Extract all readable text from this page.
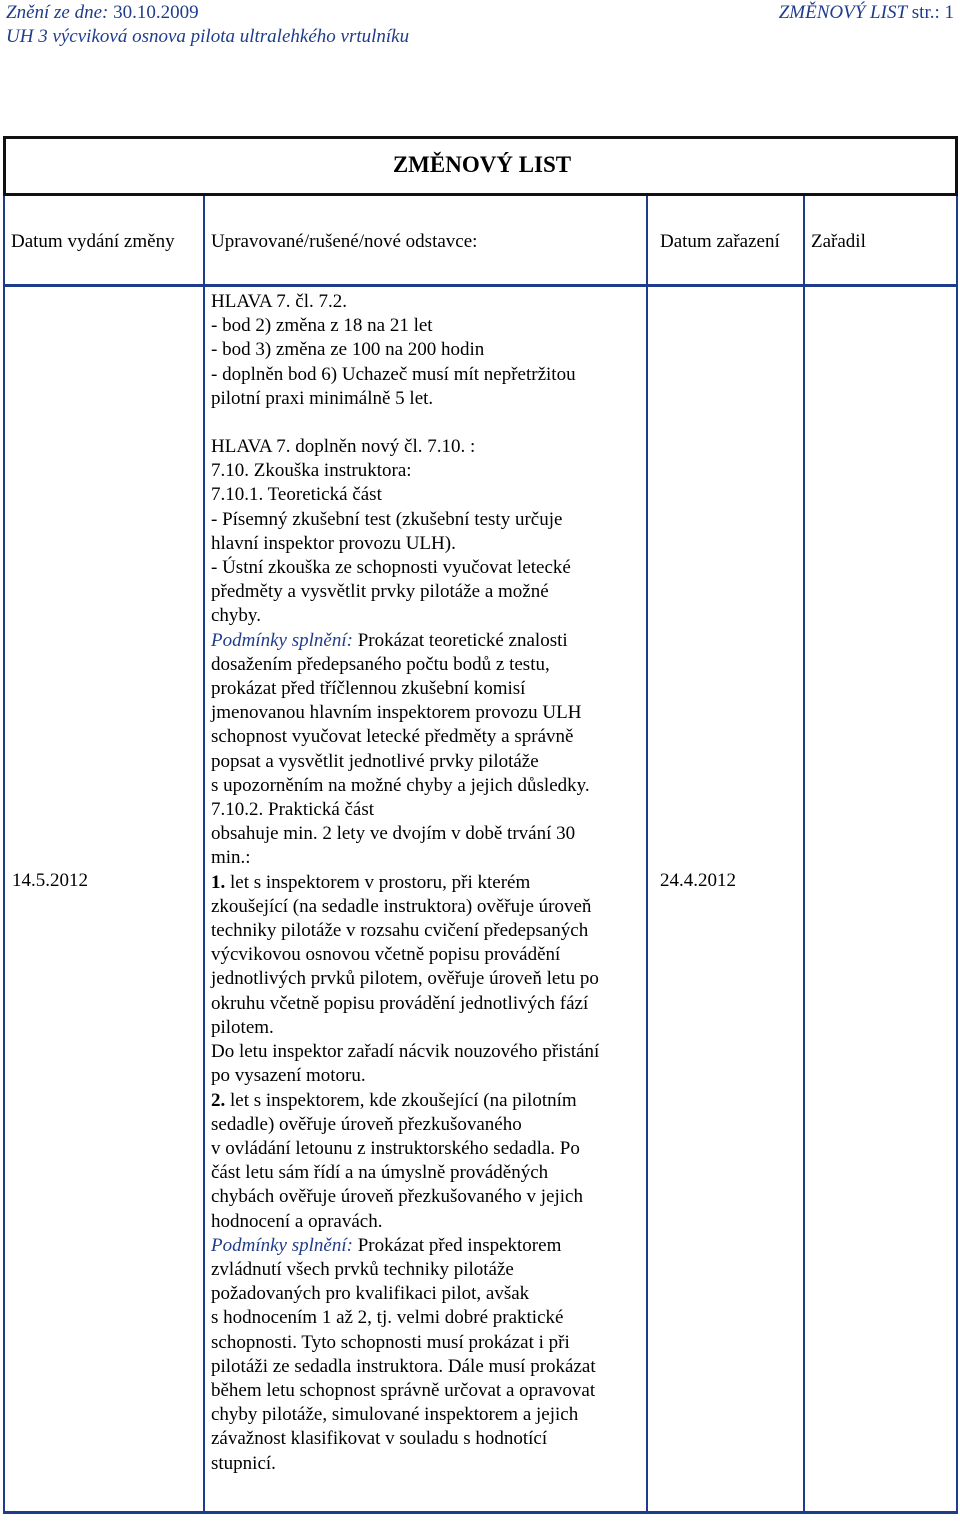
Znění ze dne: 30.10.2009
UH 3 výcviková osnova pilota ultralehkého vrtulníku
ZMĚNOVÝ LIST str.: 1
ZMĚNOVÝ LIST
Datum vydání změny Upravované/rušené/nové odstavce:	Datum zařazení Zařadil
14.5.2012	24.4.2012

HLAVA 7. čl. 7.2.

- bod 2) změna z 18 na 21 let

- bod 3) změna ze 100 na 200 hodin

- doplněn bod 6) Uchazeč musí mít nepřetržitou

pilotní praxi minimálně 5 let.

HLAVA 7. doplněn nový čl. 7.10. :

7.10. Zkouška instruktora:

7.10.1. Teoretická část

- Písemný zkušební test (zkušební testy určuje

hlavní inspektor provozu ULH).

- Ústní zkouška ze schopnosti vyučovat letecké

předměty a vysvětlit prvky pilotáže a možné

chyby.

Podmínky splnění: Prokázat teoretické znalosti

dosažením předepsaného počtu bodů z testu,

prokázat před tříčlennou zkušební komisí

jmenovanou hlavním inspektorem provozu ULH

schopnost vyučovat letecké předměty a správně

popsat a vysvětlit jednotlivé prvky pilotáže

s upozorněním na možné chyby a jejich důsledky.

7.10.2. Praktická část

obsahuje min. 2 lety ve dvojím v době trvání 30

min.:

1. let s inspektorem v prostoru, při kterém

zkoušející (na sedadle instruktora) ověřuje úroveň

techniky pilotáže v rozsahu cvičení předepsaných

výcvikovou osnovou včetně popisu provádění

jednotlivých prvků pilotem, ověřuje úroveň letu po

okruhu včetně popisu provádění jednotlivých fází

pilotem.

Do letu inspektor zařadí nácvik nouzového přistání

po vysazení motoru.

2. let s inspektorem, kde zkoušející (na pilotním

sedadle) ověřuje úroveň přezkušovaného

v ovládání letounu z instruktorského sedadla. Po

část letu sám řídí a na úmyslně prováděných

chybách ověřuje úroveň přezkušovaného v jejich

hodnocení a opravách.

Podmínky splnění: Prokázat před inspektorem

zvládnutí všech prvků techniky pilotáže

požadovaných pro kvalifikaci pilot, avšak

s hodnocením 1 až 2, tj. velmi dobré praktické

schopnosti. Tyto schopnosti musí prokázat i při

pilotáži ze sedadla instruktora. Dále musí prokázat

během letu schopnost správně určovat a opravovat

chyby pilotáže, simulované inspektorem a jejich

závažnost klasifikovat v souladu s hodnotící

stupnicí.
